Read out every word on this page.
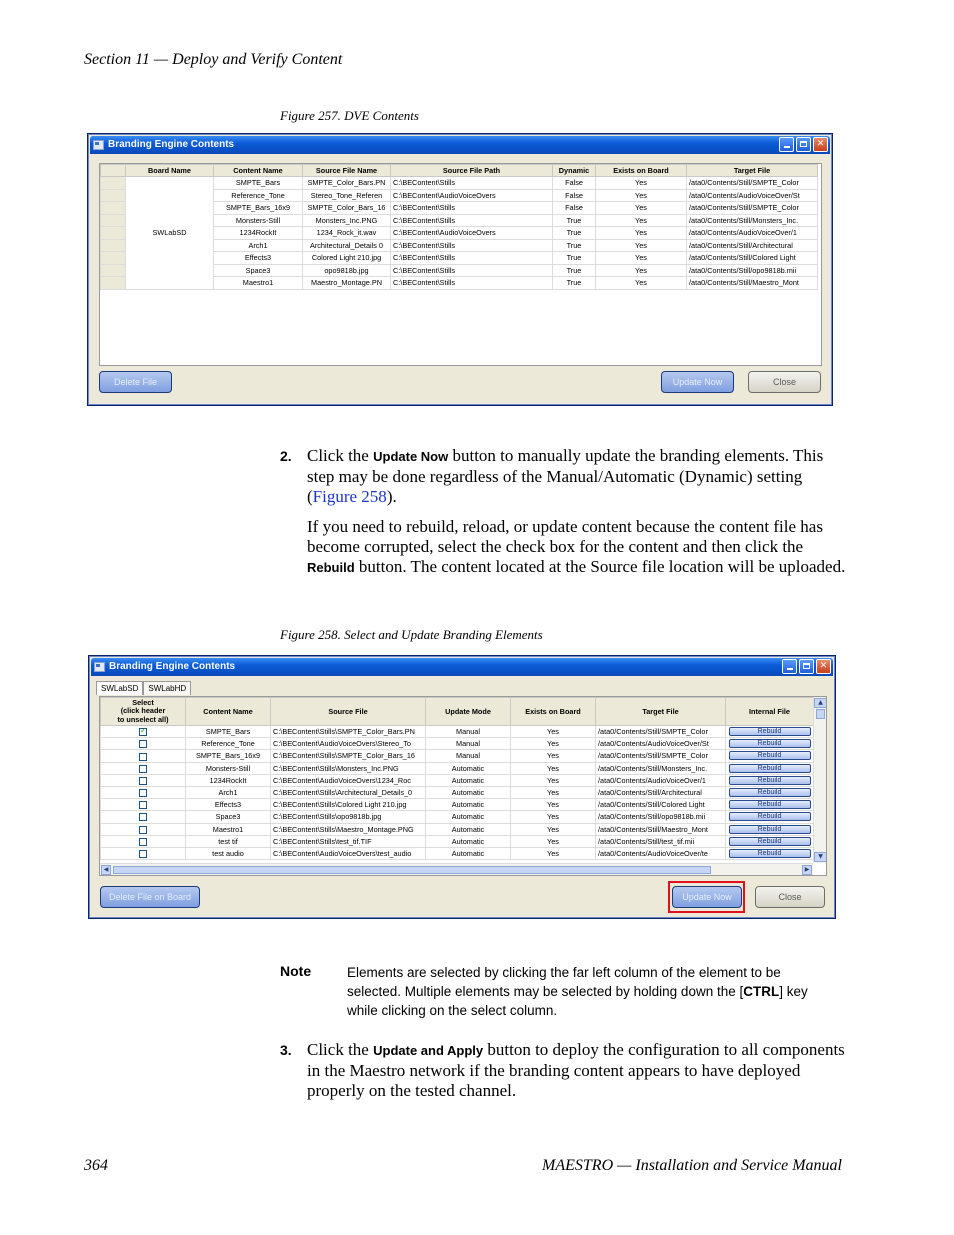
Section 11 — Deploy and Verify Content
Figure 257. DVE Contents
Branding Engine Contents	✕
	Board Name	Content Name	Source File Name	Source File Path	Dynamic	Exists on Board	Target File
	SWLabSD	SMPTE_Bars	SMPTE_Color_Bars.PN	C:\BEContent\Stills	False	Yes	/ata0/Contents/Still/SMPTE_Color
		Reference_Tone	Stereo_Tone_Referen	C:\BEContent\AudioVoiceOvers	False	Yes	/ata0/Contents/AudioVoiceOver/St
		SMPTE_Bars_16x9	SMPTE_Color_Bars_16	C:\BEContent\Stills	False	Yes	/ata0/Contents/Still/SMPTE_Color
		Monsters-Still	Monsters_Inc.PNG	C:\BEContent\Stills	True	Yes	/ata0/Contents/Still/Monsters_Inc.
		1234RockIt	1234_Rock_it.wav	C:\BEContent\AudioVoiceOvers	True	Yes	/ata0/Contents/AudioVoiceOver/1
		Arch1	Architectural_Details 0	C:\BEContent\Stills	True	Yes	/ata0/Contents/Still/Architectural
		Effects3	Colored Light 210.jpg	C:\BEContent\Stills	True	Yes	/ata0/Contents/Still/Colored Light
		Space3	opo9818b.jpg	C:\BEContent\Stills	True	Yes	/ata0/Contents/Still/opo9818b.mii
		Maestro1	Maestro_Montage.PN	C:\BEContent\Stills	True	Yes	/ata0/Contents/Still/Maestro_Mont

Delete File	Update Now	Close
2. Click the Update Now button to manually update the branding elements. This step may be done regardless of the Manual/Automatic (Dynamic) setting (Figure 258).
If you need to rebuild, reload, or update content because the content file has become corrupted, select the check box for the content and then click the Rebuild button. The content located at the Source file location will be uploaded.
Figure 258. Select and Update Branding Elements
Branding Engine Contents	✕
Select
(click header
to unselect all)	Content Name	Source File	Update Mode	Exists on Board	Target File	Internal File
✓	SMPTE_Bars	C:\BEContent\Stills\SMPTE_Color_Bars.PN	Manual	Yes	/ata0/Contents/Still/SMPTE_Color	Rebuild

	Reference_Tone	C:\BEContent\AudioVoiceOvers\Stereo_To	Manual	Yes	/ata0/Contents/AudioVoiceOver/St	Rebuild

	SMPTE_Bars_16x9	C:\BEContent\Stills\SMPTE_Color_Bars_16	Manual	Yes	/ata0/Contents/Still/SMPTE_Color	Rebuild

	Monsters-Still	C:\BEContent\Stills\Monsters_Inc.PNG	Automatic	Yes	/ata0/Contents/Still/Monsters_Inc.	Rebuild

	1234RockIt	C:\BEContent\AudioVoiceOvers\1234_Roc	Automatic	Yes	/ata0/Contents/AudioVoiceOver/1	Rebuild

	Arch1	C:\BEContent\Stills\Architectural_Details_0	Automatic	Yes	/ata0/Contents/Still/Architectural	Rebuild

	Effects3	C:\BEContent\Stills\Colored Light 210.jpg	Automatic	Yes	/ata0/Contents/Still/Colored Light	Rebuild

	Space3	C:\BEContent\Stills\opo9818b.jpg	Automatic	Yes	/ata0/Contents/Still/opo9818b.mii	Rebuild

	Maestro1	C:\BEContent\Stills\Maestro_Montage.PNG	Automatic	Yes	/ata0/Contents/Still/Maestro_Mont	Rebuild

	test tif	C:\BEContent\Stills\test_tif.TIF	Automatic	Yes	/ata0/Contents/Still/test_tif.mii	Rebuild

	test audio	C:\BEContent\AudioVoiceOvers\test_audio	Automatic	Yes	/ata0/Contents/AudioVoiceOver/te	Rebuild
▲
▼
◀	▶
Delete File on Board	Update Now	Close
SWLabSD	SWLabHD
Note	Elements are selected by clicking the far left column of the element to be selected. Multiple elements may be selected by holding down the [CTRL] key while clicking on the select column.
3. Click the Update and Apply button to deploy the configuration to all components in the Maestro network if the branding content appears to have deployed properly on the tested channel.
364	MAESTRO — Installation and Service Manual
